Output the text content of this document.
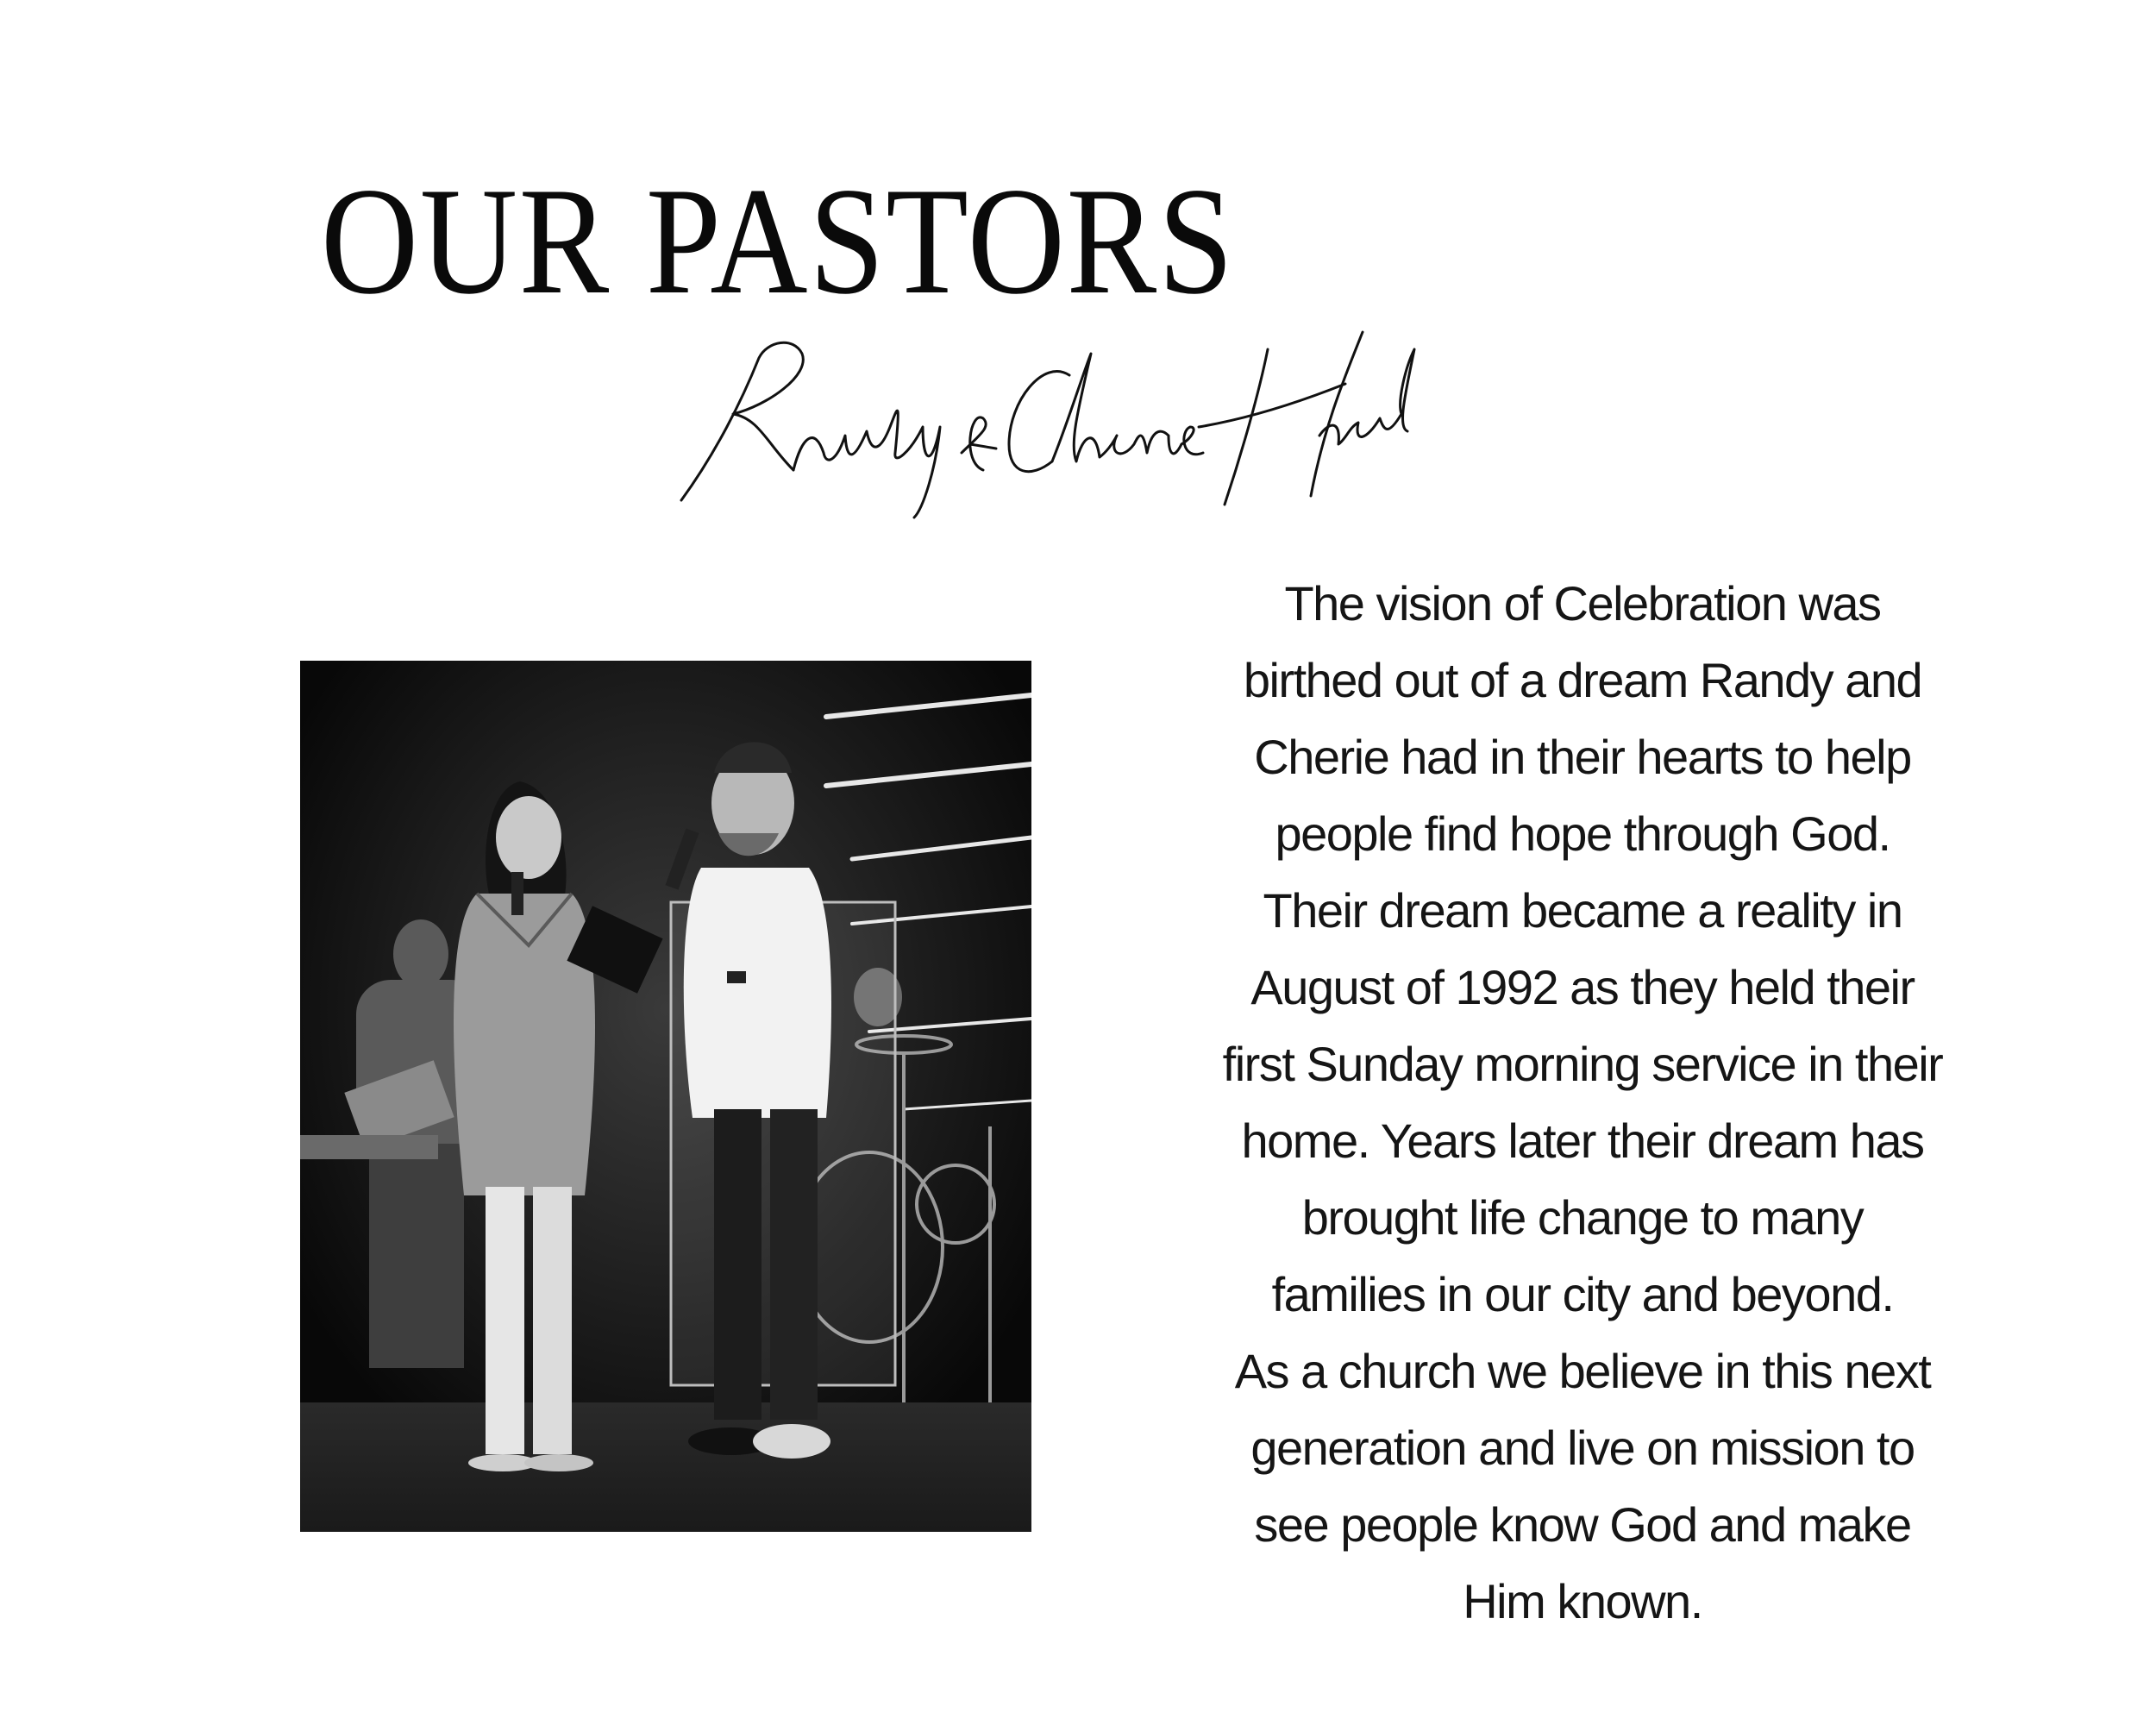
OUR PASTORS

The vision of Celebration was
birthed out of a dream Randy and
Cherie had in their hearts to help
people find hope through God.
Their dream became a reality in
August of 1992 as they held their
first Sunday morning service in their
home. Years later their dream has
brought life change to many
families in our city and beyond.
As a church we believe in this next
generation and live on mission to
see people know God and make
Him known.
